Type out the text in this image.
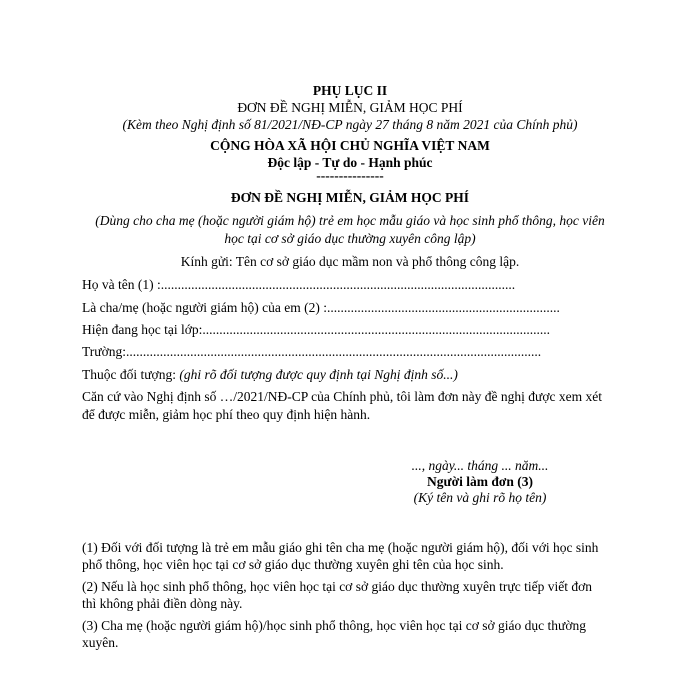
PHỤ LỤC II
ĐƠN ĐỀ NGHỊ MIỄN, GIẢM HỌC PHÍ
(Kèm theo Nghị định số 81/2021/NĐ-CP ngày 27 tháng 8 năm 2021 của Chính phủ)
CỘNG HÒA XÃ HỘI CHỦ NGHĨA VIỆT NAM
Độc lập - Tự do - Hạnh phúc
---------------
ĐƠN ĐỀ NGHỊ MIỄN, GIẢM HỌC PHÍ
(Dùng cho cha mẹ (hoặc người giám hộ) trẻ em học mẫu giáo và học sinh phổ thông, học viên
học tại cơ sở giáo dục thường xuyên công lập)
Kính gửi: Tên cơ sở giáo dục mầm non và phổ thông công lập.
Họ và tên (1) :.........................................................................................................
Là cha/mẹ (hoặc người giám hộ) của em (2) :.....................................................................
Hiện đang học tại lớp:.......................................................................................................
Trường:...........................................................................................................................
Thuộc đối tượng: (ghi rõ đối tượng được quy định tại Nghị định số...)
Căn cứ vào Nghị định số …/2021/NĐ-CP của Chính phủ, tôi làm đơn này đề nghị được xem xét
để được miễn, giảm học phí theo quy định hiện hành.
..., ngày... tháng ... năm...
Người làm đơn (3)
(Ký tên và ghi rõ họ tên)
(1) Đối với đối tượng là trẻ em mẫu giáo ghi tên cha mẹ (hoặc người giám hộ), đối với học sinh
phổ thông, học viên học tại cơ sở giáo dục thường xuyên ghi tên của học sinh.
(2) Nếu là học sinh phổ thông, học viên học tại cơ sở giáo dục thường xuyên trực tiếp viết đơn
thì không phải điền dòng này.
(3) Cha mẹ (hoặc người giám hộ)/học sinh phổ thông, học viên học tại cơ sở giáo dục thường
xuyên.
